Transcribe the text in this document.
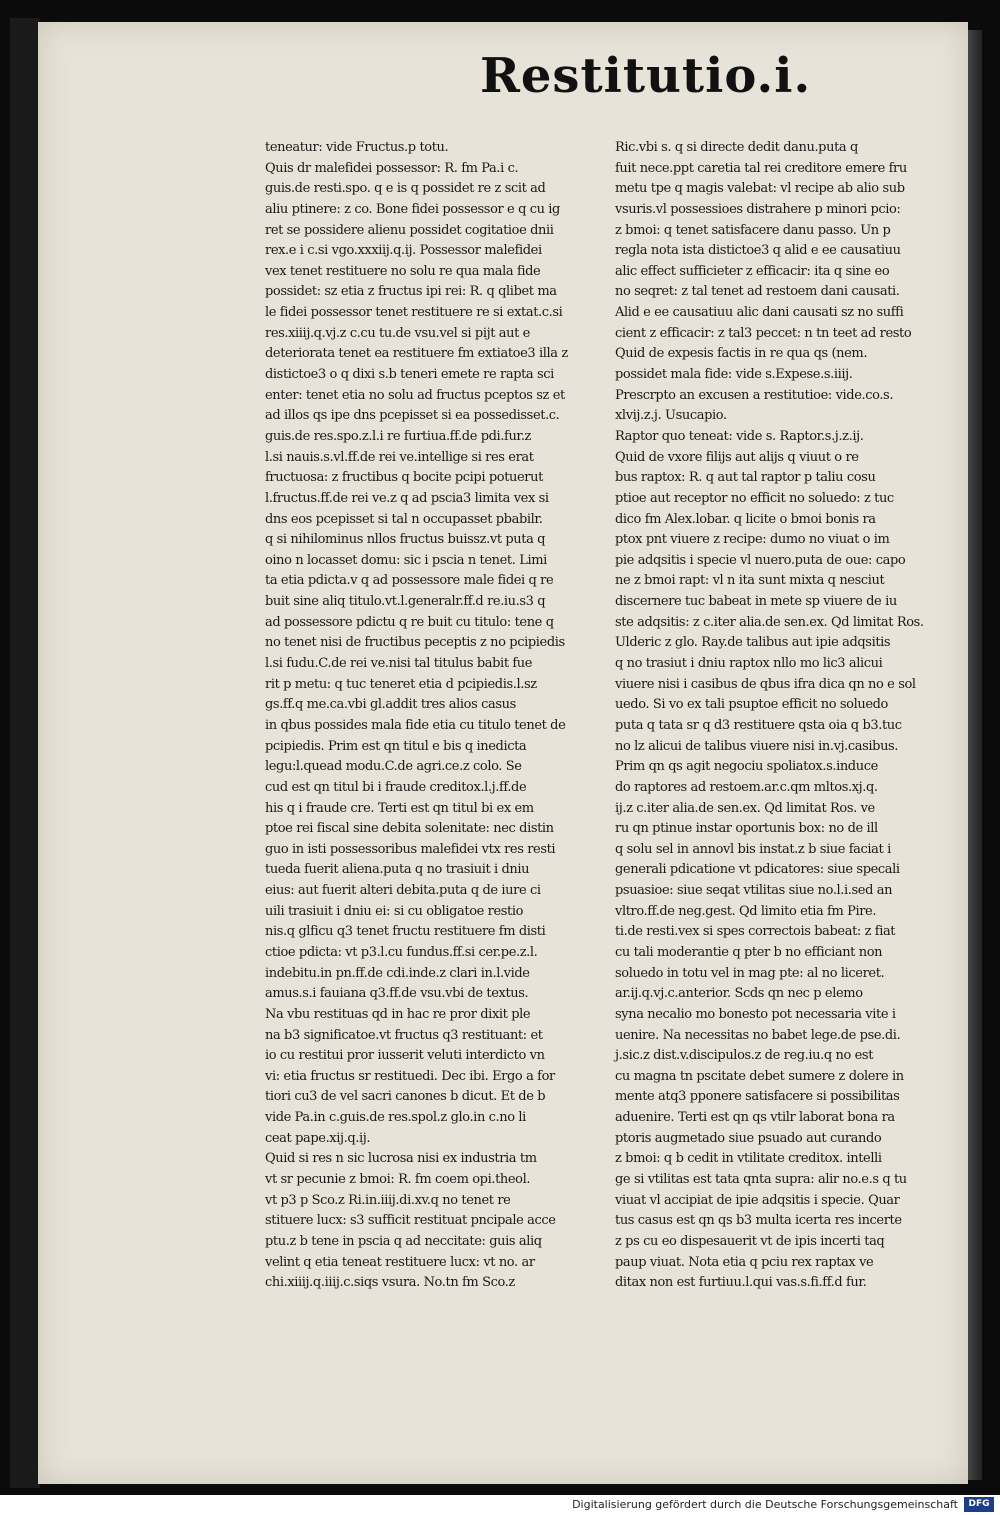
Restitutio.i.
teneatur: vide Fructus.p totu.
Quis dr malefidei possessor: R. fm Pa.i c.
guis.de resti.spo. q e is q possidet re z scit ad
aliu ptinere: z co. Bone fidei possessor e q cu ig
ret se possidere alienu possidet cogitatioe dnii
rex.e i c.si vgo.xxxiij.q.ij. Possessor malefidei
vex tenet restituere no solu re qua mala fide
possidet: sz etia z fructus ipi rei: R. q qlibet ma
le fidei possessor tenet restituere re si extat.c.si
res.xiiij.q.vj.z c.cu tu.de vsu.vel si pijt aut e
deteriorata tenet ea restituere fm extiatoe3 illa z
distictoe3 o q dixi s.b teneri emete re rapta sci
enter: tenet etia no solu ad fructus pceptos sz et
ad illos qs ipe dns pcepisset si ea possedisset.c.
guis.de res.spo.z.l.i re furtiua.ff.de pdi.fur.z
l.si nauis.s.vl.ff.de rei ve.intellige si res erat
fructuosa: z fructibus q bocite pcipi potuerut
l.fructus.ff.de rei ve.z q ad pscia3 limita vex si
dns eos pcepisset si tal n occupasset pbabilr.
q si nihilominus nllos fructus buissz.vt puta q
oino n locasset domu: sic i pscia n tenet. Limi
ta etia pdicta.v q ad possessore male fidei q re
buit sine aliq titulo.vt.l.generalr.ff.d re.iu.s3 q
ad possessore pdictu q re buit cu titulo: tene q
no tenet nisi de fructibus peceptis z no pcipiedis
l.si fudu.C.de rei ve.nisi tal titulus babit fue
rit p metu: q tuc teneret etia d pcipiedis.l.sz
gs.ff.q me.ca.vbi gl.addit tres alios casus
in qbus possides mala fide etia cu titulo tenet de
pcipiedis. Prim est qn titul e bis q inedicta
legu:l.quead modu.C.de agri.ce.z colo. Se
cud est qn titul bi i fraude creditox.l.j.ff.de
his q i fraude cre. Terti est qn titul bi ex em
ptoe rei fiscal sine debita solenitate: nec distin
guo in isti possessoribus malefidei vtx res resti
tueda fuerit aliena.puta q no trasiuit i dniu
eius: aut fuerit alteri debita.puta q de iure ci
uili trasiuit i dniu ei: si cu obligatoe restio
nis.q glficu q3 tenet fructu restituere fm disti
ctioe pdicta: vt p3.l.cu fundus.ff.si cer.pe.z.l.
indebitu.in pn.ff.de cdi.inde.z clari in.l.vide
amus.s.i fauiana q3.ff.de vsu.vbi de textus.
Na vbu restituas qd in hac re pror dixit ple
na b3 significatoe.vt fructus q3 restituant: et
io cu restitui pror iusserit veluti interdicto vn
vi: etia fructus sr restituedi. Dec ibi. Ergo a for
tiori cu3 de vel sacri canones b dicut. Et de b
vide Pa.in c.guis.de res.spol.z glo.in c.no li
ceat pape.xij.q.ij.
Quid si res n sic lucrosa nisi ex industria tm
vt sr pecunie z bmoi: R. fm coem opi.theol.
vt p3 p Sco.z Ri.in.iiij.di.xv.q no tenet re
stituere lucx: s3 sufficit restituat pncipale acce
ptu.z b tene in pscia q ad neccitate: guis aliq
velint q etia teneat restituere lucx: vt no. ar
chi.xiiij.q.iiij.c.siqs vsura. No.tn fm Sco.z
Ric.vbi s. q si directe dedit danu.puta q
fuit nece.ppt caretia tal rei creditore emere fru
metu tpe q magis valebat: vl recipe ab alio sub
vsuris.vl possessioes distrahere p minori pcio:
z bmoi: q tenet satisfacere danu passo. Un p
regla nota ista distictoe3 q alid e ee causatiuu
alic effect sufficieter z efficacir: ita q sine eo
no seqret: z tal tenet ad restoem dani causati.
Alid e ee causatiuu alic dani causati sz no suffi
cient z efficacir: z tal3 peccet: n tn teet ad resto
Quid de expesis factis in re qua qs (nem.
possidet mala fide: vide s.Expese.s.iiij.
Prescrpto an excusen a restitutioe: vide.co.s.
xlvij.z.j. Usucapio.
Raptor quo teneat: vide s. Raptor.s.j.z.ij.
Quid de vxore filijs aut alijs q viuut o re
bus raptox: R. q aut tal raptor p taliu cosu
ptioe aut receptor no efficit no soluedo: z tuc
dico fm Alex.lobar. q licite o bmoi bonis ra
ptox pnt viuere z recipe: dumo no viuat o im
pie adqsitis i specie vl nuero.puta de oue: capo
ne z bmoi rapt: vl n ita sunt mixta q nesciut
discernere tuc babeat in mete sp viuere de iu
ste adqsitis: z c.iter alia.de sen.ex. Qd limitat Ros.
Ulderic z glo. Ray.de talibus aut ipie adqsitis
q no trasiut i dniu raptox nllo mo lic3 alicui
viuere nisi i casibus de qbus ifra dica qn no e sol
uedo. Si vo ex tali psuptoe efficit no soluedo
puta q tata sr q d3 restituere qsta oia q b3.tuc
no lz alicui de talibus viuere nisi in.vj.casibus.
Prim qn qs agit negociu spoliatox.s.induce
do raptores ad restoem.ar.c.qm mltos.xj.q.
ij.z c.iter alia.de sen.ex. Qd limitat Ros. ve
ru qn ptinue instar oportunis box: no de ill
q solu sel in annovl bis instat.z b siue faciat i
generali pdicatione vt pdicatores: siue specali
psuasioe: siue seqat vtilitas siue no.l.i.sed an
vltro.ff.de neg.gest. Qd limito etia fm Pire.
ti.de resti.vex si spes correctois babeat: z fiat
cu tali moderantie q pter b no efficiant non
soluedo in totu vel in mag pte: al no liceret.
ar.ij.q.vj.c.anterior. Scds qn nec p elemo
syna necalio mo bonesto pot necessaria vite i
uenire. Na necessitas no babet lege.de pse.di.
j.sic.z dist.v.discipulos.z de reg.iu.q no est
cu magna tn pscitate debet sumere z dolere in
mente atq3 pponere satisfacere si possibilitas
aduenire. Terti est qn qs vtilr laborat bona ra
ptoris augmetado siue psuado aut curando
z bmoi: q b cedit in vtilitate creditox. intelli
ge si vtilitas est tata qnta supra: alir no.e.s q tu
viuat vl accipiat de ipie adqsitis i specie. Quar
tus casus est qn qs b3 multa icerta res incerte
z ps cu eo dispesauerit vt de ipis incerti taq
paup viuat. Nota etia q pciu rex raptax ve
ditax non est furtiuu.l.qui vas.s.fi.ff.d fur.
Digitalisierung gefördert durch die Deutsche Forschungsgemeinschaft	DFG
